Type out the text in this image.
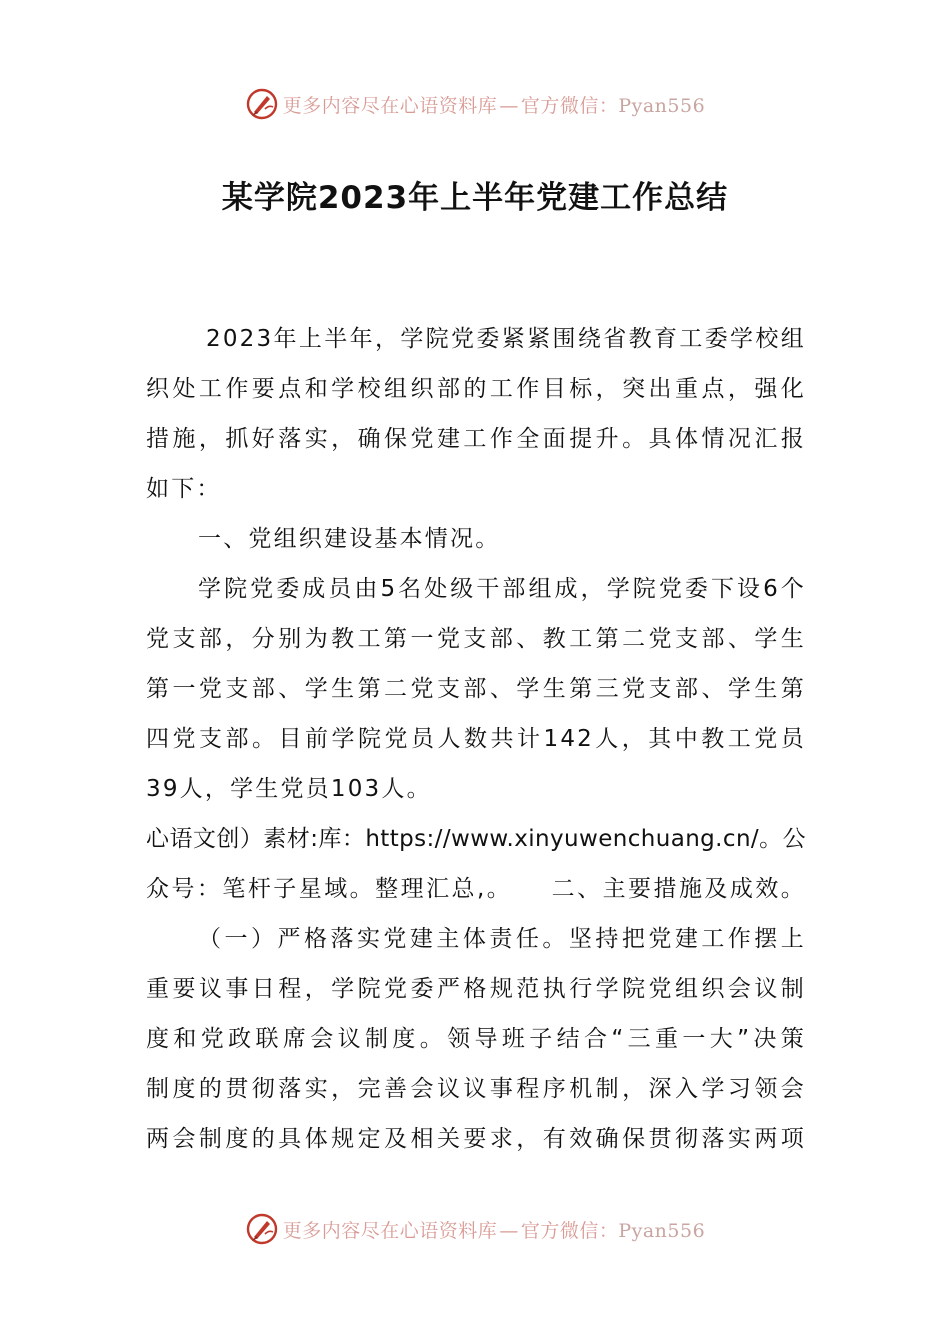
更多内容尽在心语资料库 — 官方微信：Pyan556
某学院2023年上半年党建工作总结
2023年上半年，学院党委紧紧围绕省教育工委学校组
织处工作要点和学校组织部的工作目标，突出重点，强化
措施，抓好落实，确保党建工作全面提升。具体情况汇报
如下：
一、党组织建设基本情况。
学院党委成员由5名处级干部组成，学院党委下设6个
党支部，分别为教工第一党支部、教工第二党支部、学生
第一党支部、学生第二党支部、学生第三党支部、学生第
四党支部。目前学院党员人数共计142人，其中教工党员
39人，学生党员103人。
心语文创）素材:库：https://www.xinyuwenchuang.cn/。公
众号：笔杆子星域。整理汇总,。　　二、主要措施及成效。
（一）严格落实党建主体责任。坚持把党建工作摆上
重要议事日程，学院党委严格规范执行学院党组织会议制
度和党政联席会议制度。领导班子结合“三重一大”决策
制度的贯彻落实，完善会议议事程序机制，深入学习领会
两会制度的具体规定及相关要求，有效确保贯彻落实两项
更多内容尽在心语资料库 — 官方微信：Pyan556
